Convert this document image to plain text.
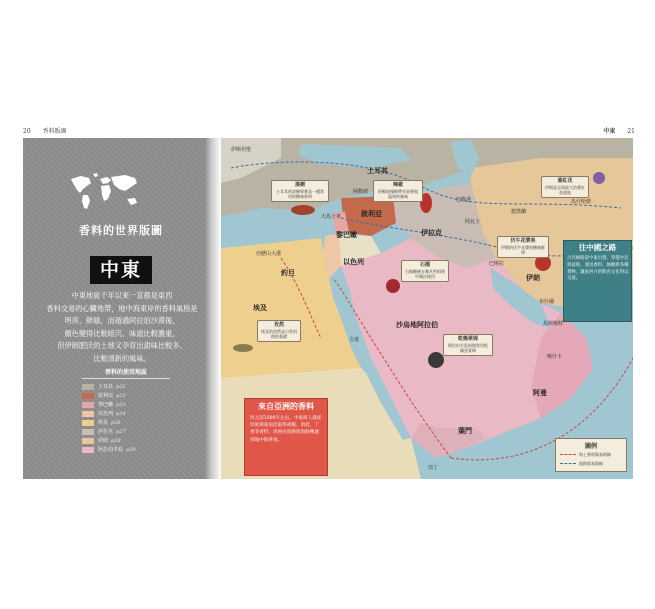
20 香料販園	中東 21
香料的世界版圖
中東

中東地區千年以來一直都是東西

香料交易的心臟地帶，地中海東岸的香料風格是

明亮、鮮綠，而越過阿拉伯沙漠後，

顏色變得比較暗沉，味道比較濃重，

但伊朗肥沃的土地又孕育出甜味比較多、

比較清新的風味。

香料的使用地區
土耳其 p22
敘利亞 p23
黎巴嫩 p23
以色列 p24
埃及 p26
伊拉克 p27
伊朗 p28
阿拉伯半島 p29
土耳其
敘利亞
黎巴嫩
以色列
約旦
伊拉克
伊朗
埃及
沙烏地阿拉伯
葉門
阿曼
伊斯坦堡
大馬士革
巴格達
德黑蘭
馬什哈德
亞歷山大港
吉達
亞丁
馬斯喀特
布什爾
巴斯拉
阿瓦士
阿勒坡
喀什卡
漆樹
土耳其的漆樹果實是一種常用的酸味香料
辣椒
阿勒坡辣椒帶有果香與溫和的辣味
番紅花
伊朗是全球最大的番紅花產地
石榴
石榴糖蜜在黎凡特料理中廣泛使用
孜然
埃及的孜然是日常料理的基礎	乾燥萊姆
阿拉伯半島料理常用乾燥黑萊姆
伏牛花漿果
伊朗的伏牛花漿果酸味鮮明
往中國之路
古代絲路從中東出發，穿越中亞與波斯，運送香料、絲綢與各種貨物，讓東西方的飲食文化得以交流。
來自亞洲的香料
西元前1000年左右，中東商人就從印度與東南亞取得胡椒、肉桂、丁香等香料，再經由陸路與海路轉運到地中海各地。
圖例
海上香料貿易路線
陸路貿易路線
